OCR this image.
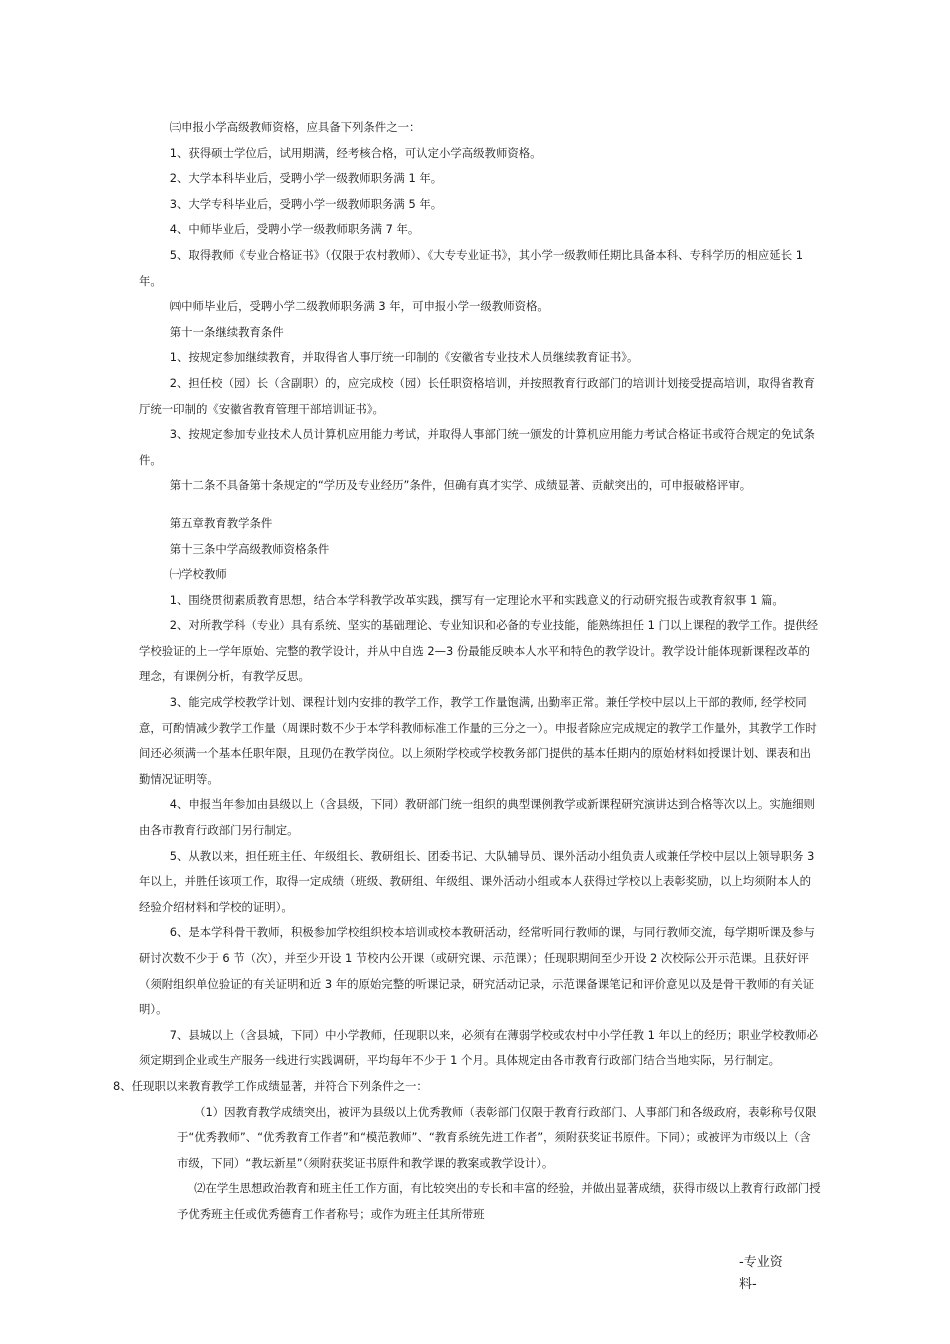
㈢申报小学高级教师资格，应具备下列条件之一：

1、获得硕士学位后，试用期满，经考核合格，可认定小学高级教师资格。

2、大学本科毕业后，受聘小学一级教师职务满 1 年。

3、大学专科毕业后，受聘小学一级教师职务满 5 年。

4、中师毕业后，受聘小学一级教师职务满 7 年。

5、取得教师《专业合格证书》（仅限于农村教师）、《大专专业证书》，其小学一级教师任期比具备本科、专科学历的相应延长 1 年。

㈣中师毕业后，受聘小学二级教师职务满 3 年，可申报小学一级教师资格。

第十一条继续教育条件

1、按规定参加继续教育，并取得省人事厅统一印制的《安徽省专业技术人员继续教育证书》。

2、担任校（园）长（含副职）的，应完成校（园）长任职资格培训，并按照教育行政部门的培训计划接受提高培训，取得省教育厅统一印制的《安徽省教育管理干部培训证书》。

3、按规定参加专业技术人员计算机应用能力考试，并取得人事部门统一颁发的计算机应用能力考试合格证书或符合规定的免试条件。

第十二条不具备第十条规定的“学历及专业经历”条件，但确有真才实学、成绩显著、贡献突出的，可申报破格评审。

第五章教育教学条件

第十三条中学高级教师资格条件

㈠学校教师

1、围绕贯彻素质教育思想，结合本学科教学改革实践，撰写有一定理论水平和实践意义的行动研究报告或教育叙事 1 篇。

2、对所教学科（专业）具有系统、坚实的基础理论、专业知识和必备的专业技能，能熟练担任 1 门以上课程的教学工作。提供经学校验证的上一学年原始、完整的教学设计，并从中自选 2—3 份最能反映本人水平和特色的教学设计。教学设计能体现新课程改革的理念，有课例分析，有教学反思。

3、能完成学校教学计划、课程计划内安排的教学工作，教学工作量饱满, 出勤率正常。兼任学校中层以上干部的教师, 经学校同意，可酌情减少教学工作量（周课时数不少于本学科教师标准工作量的三分之一）。申报者除应完成规定的教学工作量外，其教学工作时间还必须满一个基本任职年限，且现仍在教学岗位。以上须附学校或学校教务部门提供的基本任期内的原始材料如授课计划、课表和出勤情况证明等。

4、申报当年参加由县级以上（含县级，下同）教研部门统一组织的典型课例教学或新课程研究演讲达到合格等次以上。实施细则由各市教育行政部门另行制定。

5、从教以来，担任班主任、年级组长、教研组长、团委书记、大队辅导员、课外活动小组负责人或兼任学校中层以上领导职务 3 年以上，并胜任该项工作，取得一定成绩（班级、教研组、年级组、课外活动小组或本人获得过学校以上表彰奖励，以上均须附本人的经验介绍材料和学校的证明）。

6、是本学科骨干教师，积极参加学校组织校本培训或校本教研活动，经常听同行教师的课，与同行教师交流，每学期听课及参与研讨次数不少于 6 节（次），并至少开设 1 节校内公开课（或研究课、示范课）；任现职期间至少开设 2 次校际公开示范课。且获好评（须附组织单位验证的有关证明和近 3 年的原始完整的听课记录，研究活动记录，示范课备课笔记和评价意见以及是骨干教师的有关证明）。

7、县城以上（含县城，下同）中小学教师，任现职以来，必须有在薄弱学校或农村中小学任教 1 年以上的经历；职业学校教师必须定期到企业或生产服务一线进行实践调研，平均每年不少于 1 个月。具体规定由各市教育行政部门结合当地实际，另行制定。

8、任现职以来教育教学工作成绩显著，并符合下列条件之一：

（1）因教育教学成绩突出，被评为县级以上优秀教师（表彰部门仅限于教育行政部门、人事部门和各级政府，表彰称号仅限于“优秀教师”、“优秀教育工作者”和“模范教师”、“教育系统先进工作者”，须附获奖证书原件。下同）；或被评为市级以上（含市级，下同）“教坛新星”（须附获奖证书原件和教学课的教案或教学设计）。

⑵在学生思想政治教育和班主任工作方面，有比较突出的专长和丰富的经验，并做出显著成绩，获得市级以上教育行政部门授予优秀班主任或优秀德育工作者称号；或作为班主任其所带班

-专业资
料-
